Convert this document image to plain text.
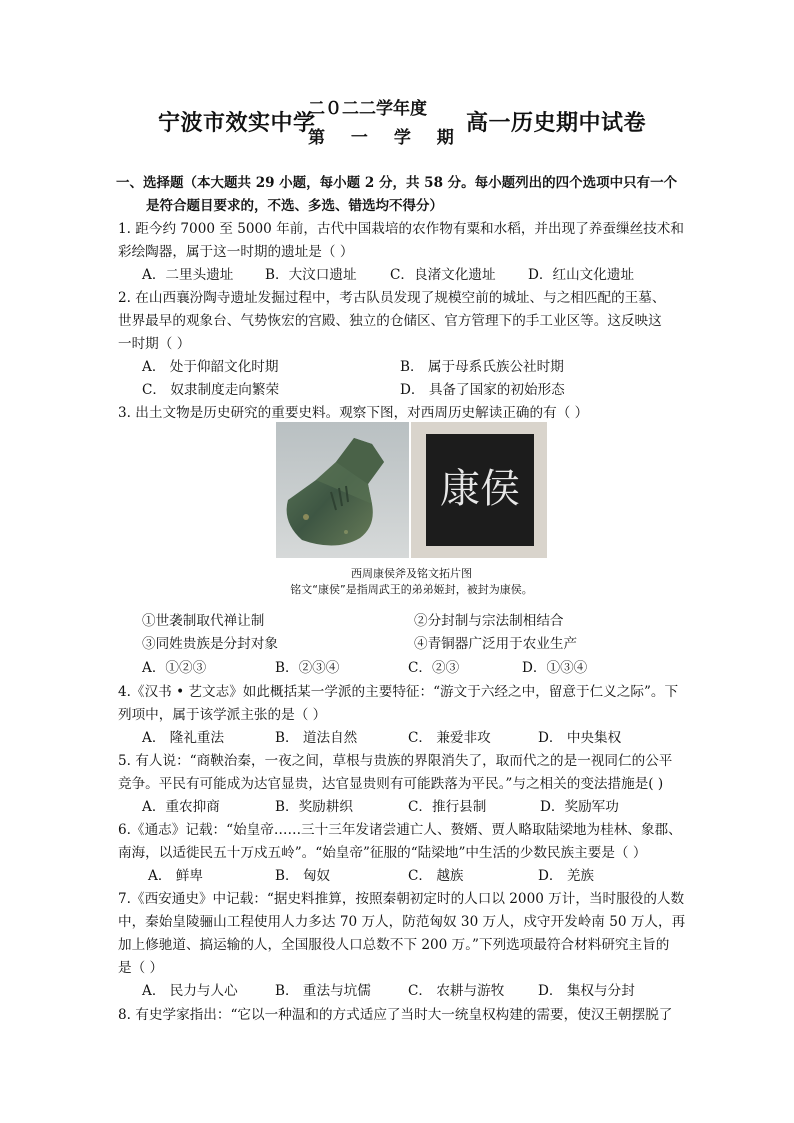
宁波市效实中学
二０二二学年度
第 一 学 期
高一历史期中试卷
一、选择题（本大题共 29 小题，每小题 2 分，共 58 分。每小题列出的四个选项中只有一个
是符合题目要求的，不选、多选、错选均不得分）
1. 距今约 7000 至 5000 年前，古代中国栽培的农作物有粟和水稻，并出现了养蚕缫丝技术和
彩绘陶器，属于这一时期的遗址是（ ）
A．二里头遗址 B．大汶口遗址 C．良渚文化遗址 D．红山文化遗址
2. 在山西襄汾陶寺遗址发掘过程中，考古队员发现了规模空前的城址、与之相匹配的王墓、
世界最早的观象台、气势恢宏的宫殿、独立的仓储区、官方管理下的手工业区等。这反映这
一时期（ ）
A． 处于仰韶文化时期	B． 属于母系氏族公社时期
C． 奴隶制度走向繁荣	D． 具备了国家的初始形态
3. 出土文物是历史研究的重要史料。观察下图，对西周历史解读正确的有（ ）
康侯
西周康侯斧及铭文拓片图
铭文“康侯”是指周武王的弟弟姬封，被封为康侯。
①世袭制取代禅让制	②分封制与宗法制相结合
③同姓贵族是分封对象	④青铜器广泛用于农业生产
A．①②③	B．②③④	C．②③	D．①③④
4.《汉书 • 艺文志》如此概括某一学派的主要特征：“游文于六经之中，留意于仁义之际”。下
列项中，属于该学派主张的是（ ）
A． 隆礼重法	B． 道法自然	C． 兼爱非攻	D． 中央集权
5. 有人说：“商鞅治秦，一夜之间，草根与贵族的界限消失了，取而代之的是一视同仁的公平
竞争。平民有可能成为达官显贵，达官显贵则有可能跌落为平民。”与之相关的变法措施是( )
A．重农抑商	B．奖励耕织	C．推行县制	D．奖励军功
6.《通志》记载：“始皇帝……三十三年发诸尝逋亡人、赘婿、贾人略取陆梁地为桂林、象郡、
南海，以适徙民五十万戍五岭”。“始皇帝”征服的“陆梁地”中生活的少数民族主要是（ ）
A． 鲜卑	B． 匈奴	C． 越族	D． 羌族
7.《西安通史》中记载：“据史料推算，按照秦朝初定时的人口以 2000 万计，当时服役的人数
中，秦始皇陵骊山工程使用人力多达 70 万人，防范匈奴 30 万人，戍守开发岭南 50 万人，再
加上修驰道、搞运输的人，全国服役人口总数不下 200 万。”下列选项最符合材料研究主旨的
是（ ）
A． 民力与人心	B． 重法与坑儒	C． 农耕与游牧 D． 集权与分封
8. 有史学家指出：“它以一种温和的方式适应了当时大一统皇权构建的需要，使汉王朝摆脱了
